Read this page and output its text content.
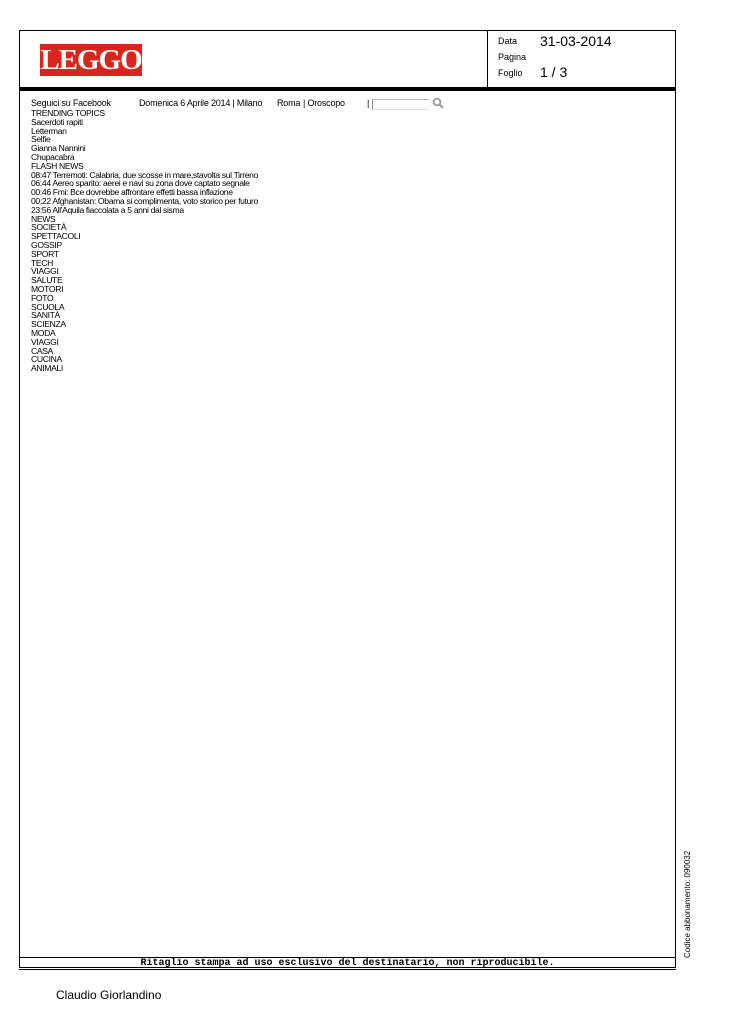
LEGGO
Data 31-03-2014
Pagina
Foglio 1 / 3
Seguici su Facebook	Domenica 6 Aprile 2014 | Milano Roma | Oroscopo |
TRENDING TOPICS
Sacerdoti rapiti
Letterman
Selfie
Gianna Nannini
Chupacabra
FLASH NEWS
08:47 Terremoti: Calabria, due scosse in mare,stavolta sul Tirreno
06:44 Aereo sparito: aerei e navi su zona dove captato segnale
00:46 Fmi: Bce dovrebbe affrontare effetti bassa inflazione
00:22 Afghanistan: Obama si complimenta, voto storico per futuro
23:56 All'Aquila fiaccolata a 5 anni dal sisma
NEWS
SOCIETÀ
SPETTACOLI
GOSSIP
SPORT
TECH
VIAGGI
SALUTE
MOTORI
FOTO
SCUOLA
SANITÀ
SCIENZA
MODA
VIAGGI
CASA
CUCINA
ANIMALI
Ritaglio stampa ad uso esclusivo del destinatario, non riproducibile.
Codice abbonamento: 090032
Claudio Giorlandino
